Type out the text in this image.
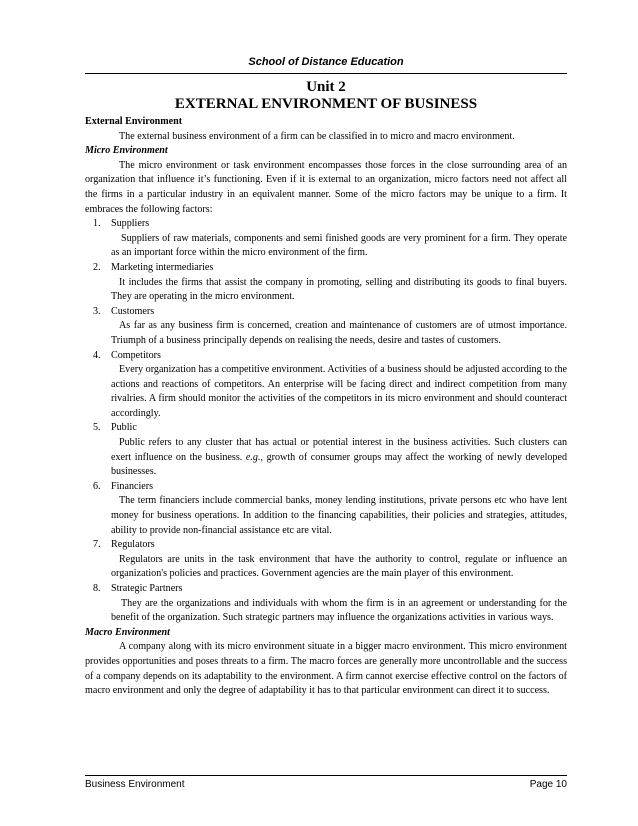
School of Distance Education
Unit 2
EXTERNAL ENVIRONMENT OF BUSINESS

External Environment

The external business environment of a firm can be classified in to micro and macro environment.

Micro Environment

The micro environment or task environment encompasses those forces in the close surrounding area of an organization that influence it’s functioning. Even if it is external to an organization, micro factors need not affect all the firms in a particular industry in an equivalent manner. Some of the micro factors may be unique to a firm. It embraces the following factors:

1. Suppliers
Suppliers of raw materials, components and semi finished goods are very prominent for a firm. They operate as an important force within the micro environment of the firm.
2. Marketing intermediaries
It includes the firms that assist the company in promoting, selling and distributing its goods to final buyers. They are operating in the micro environment.
3. Customers
As far as any business firm is concerned, creation and maintenance of customers are of utmost importance. Triumph of a business principally depends on realising the needs, desire and tastes of customers.
4. Competitors
Every organization has a competitive environment. Activities of a business should be adjusted according to the actions and reactions of competitors. An enterprise will be facing direct and indirect competition from many rivalries. A firm should monitor the activities of the competitors in its micro environment and should counteract accordingly.
5. Public
Public refers to any cluster that has actual or potential interest in the business activities. Such clusters can exert influence on the business. e.g., growth of consumer groups may affect the working of newly developed businesses.
6. Financiers
The term financiers include commercial banks, money lending institutions, private persons etc who have lent money for business operations. In addition to the financing capabilities, their policies and strategies, attitudes, ability to provide non-financial assistance etc are vital.
7. Regulators
Regulators are units in the task environment that have the authority to control, regulate or influence an organization's policies and practices. Government agencies are the main player of this environment.
8. Strategic Partners
They are the organizations and individuals with whom the firm is in an agreement or understanding for the benefit of the organization. Such strategic partners may influence the organizations activities in various ways.

Macro Environment

A company along with its micro environment situate in a bigger macro environment. This micro environment provides opportunities and poses threats to a firm. The macro forces are generally more uncontrollable and the success of a company depends on its adaptability to the environment. A firm cannot exercise effective control on the factors of macro environment and only the degree of adaptability it has to that particular environment can direct it to success.

Business Environment	Page 10
